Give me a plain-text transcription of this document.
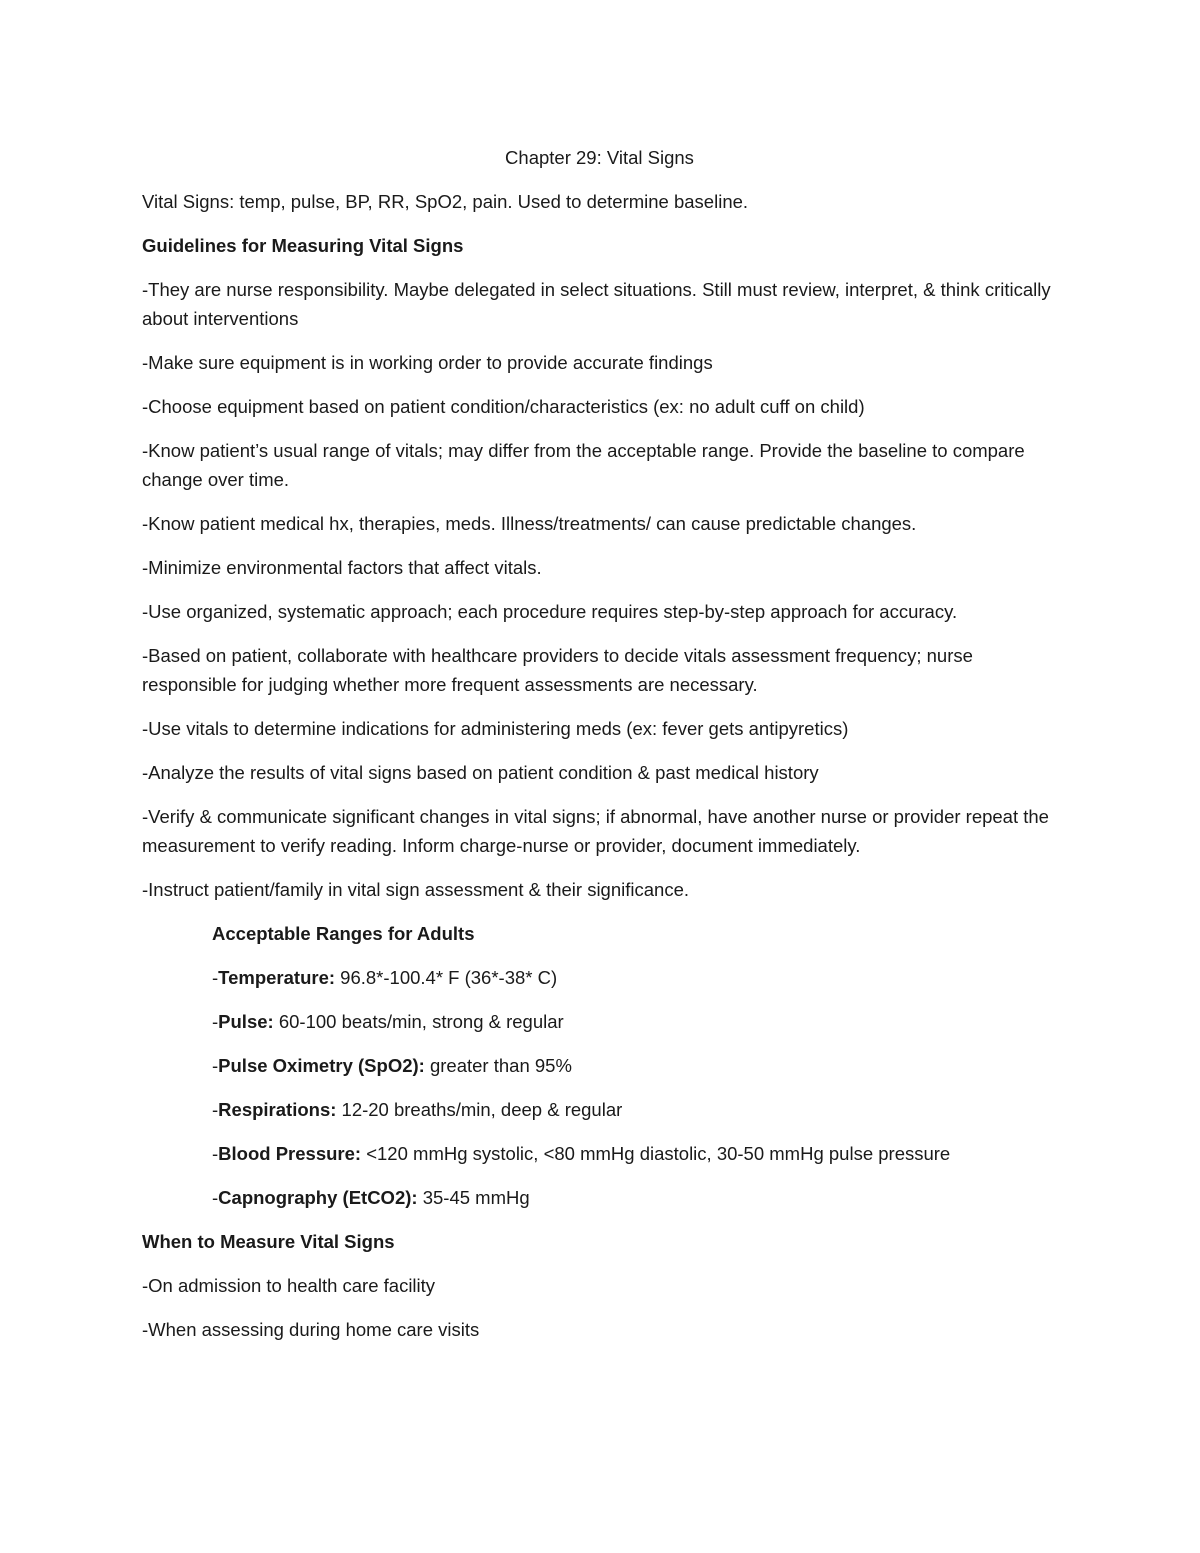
Chapter 29: Vital Signs
Vital Signs: temp, pulse, BP, RR, SpO2, pain. Used to determine baseline.
Guidelines for Measuring Vital Signs
-They are nurse responsibility. Maybe delegated in select situations. Still must review, interpret, & think critically about interventions
-Make sure equipment is in working order to provide accurate findings
-Choose equipment based on patient condition/characteristics (ex: no adult cuff on child)
-Know patient’s usual range of vitals; may differ from the acceptable range. Provide the baseline to compare change over time.
-Know patient medical hx, therapies, meds. Illness/treatments/ can cause predictable changes.
-Minimize environmental factors that affect vitals.
-Use organized, systematic approach; each procedure requires step-by-step approach for accuracy.
-Based on patient, collaborate with healthcare providers to decide vitals assessment frequency; nurse responsible for judging whether more frequent assessments are necessary.
-Use vitals to determine indications for administering meds (ex: fever gets antipyretics)
-Analyze the results of vital signs based on patient condition & past medical history
-Verify & communicate significant changes in vital signs; if abnormal, have another nurse or provider repeat the measurement to verify reading. Inform charge-nurse or provider, document immediately.
-Instruct patient/family in vital sign assessment & their significance.
Acceptable Ranges for Adults
-Temperature: 96.8*-100.4* F (36*-38* C)
-Pulse: 60-100 beats/min, strong & regular
-Pulse Oximetry (SpO2): greater than 95%
-Respirations: 12-20 breaths/min, deep & regular
-Blood Pressure: <120 mmHg systolic, <80 mmHg diastolic, 30-50 mmHg pulse pressure
-Capnography (EtCO2): 35-45 mmHg
When to Measure Vital Signs
-On admission to health care facility
-When assessing during home care visits
